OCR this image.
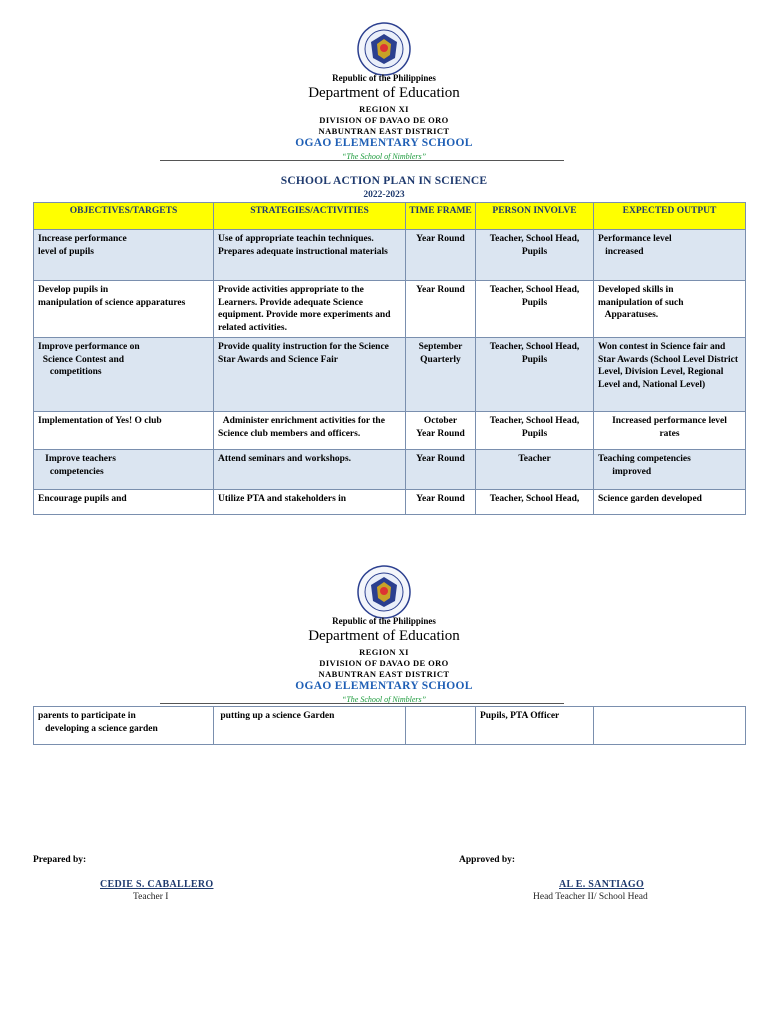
Republic of the Philippines
Department of Education
REGION XI
DIVISION OF DAVAO DE ORO
NABUNTRAN EAST DISTRICT
OGAO ELEMENTARY SCHOOL
“The School of Nimblers”
SCHOOL ACTION PLAN IN SCIENCE
2022-2023
OBJECTIVES/TARGETS	STRATEGIES/ACTIVITIES	TIME FRAME	PERSON INVOLVE	EXPECTED OUTPUT
Increase performance
level of pupils	Use of appropriate teachin techniques. Prepares adequate instructional materials	Year Round	Teacher, School Head, Pupils	Performance level
increased
Develop pupils in
manipulation of science apparatures	Provide activities appropriate to the Learners. Provide adequate Science equipment. Provide more experiments and related activities.	Year Round	Teacher, School Head, Pupils	Developed skills in
manipulation of such
Apparatuses.
Improve performance on
Science Contest and
competitions	Provide quality instruction for the Science Star Awards and Science Fair	September
Quarterly	Teacher, School Head, Pupils	Won contest in Science fair and Star Awards (School Level District Level, Division Level, Regional Level and, National Level)
Implementation of Yes! O club	Administer enrichment activities for the Science club members and officers.	October
Year Round	Teacher, School Head, Pupils	Increased performance level
rates
Improve teachers
competencies	Attend seminars and workshops.	Year Round	Teacher	Teaching competencies
improved
Encourage pupils and	Utilize PTA and stakeholders in	Year Round	Teacher, School Head,	Science garden developed
Republic of the Philippines
Department of Education
REGION XI
DIVISION OF DAVAO DE ORO
NABUNTRAN EAST DISTRICT
OGAO ELEMENTARY SCHOOL
“The School of Nimblers”
parents to participate in
developing a science garden	putting up a science Garden		Pupils, PTA Officer	
Prepared by:
CEDIE S. CABALLERO
Teacher I
Approved by:
AL E. SANTIAGO
Head Teacher II/ School Head
